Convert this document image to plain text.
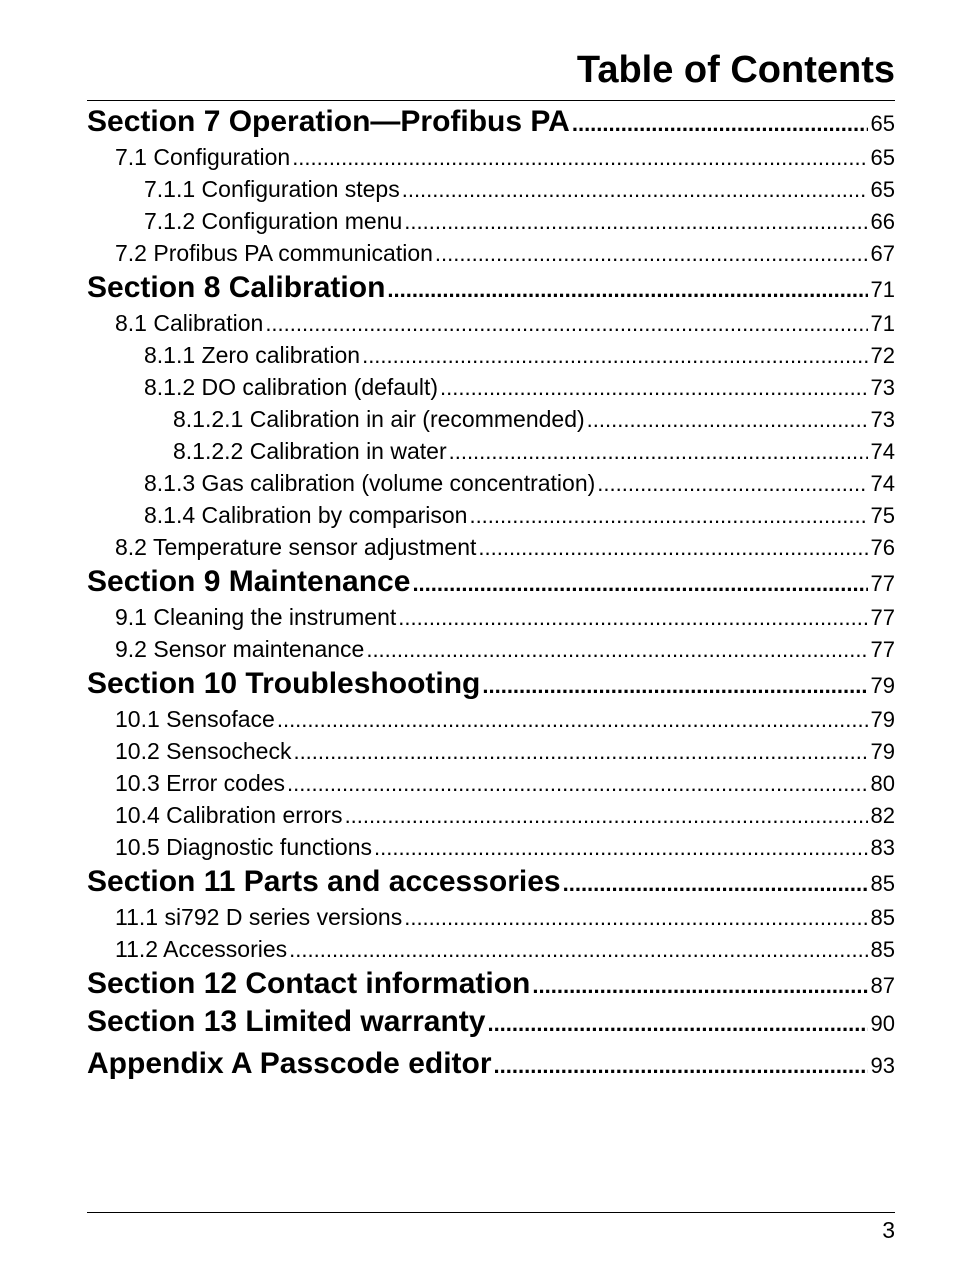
Table of Contents
Section 7 Operation—Profibus PA .....	65
7.1 Configuration .....	65
7.1.1 Configuration steps .....	65
7.1.2 Configuration menu .....	66
7.2 Profibus PA communication .....	67
Section 8 Calibration .....	71
8.1 Calibration .....	71
8.1.1 Zero calibration .....	72
8.1.2 DO calibration (default) .....	73
8.1.2.1 Calibration in air (recommended) .....	73
8.1.2.2 Calibration in water .....	74
8.1.3 Gas calibration (volume concentration) .....	74
8.1.4 Calibration by comparison .....	75
8.2 Temperature sensor adjustment .....	76
Section 9 Maintenance .....	77
9.1 Cleaning the instrument .....	77
9.2 Sensor maintenance .....	77
Section 10 Troubleshooting .....	79
10.1 Sensoface .....	79
10.2 Sensocheck .....	79
10.3 Error codes .....	80
10.4 Calibration errors .....	82
10.5 Diagnostic functions .....	83
Section 11 Parts and accessories .....	85
11.1 si792 D series versions .....	85
11.2 Accessories .....	85
Section 12 Contact information .....	87
Section 13 Limited warranty .....	90
Appendix A Passcode editor .....	93
3
